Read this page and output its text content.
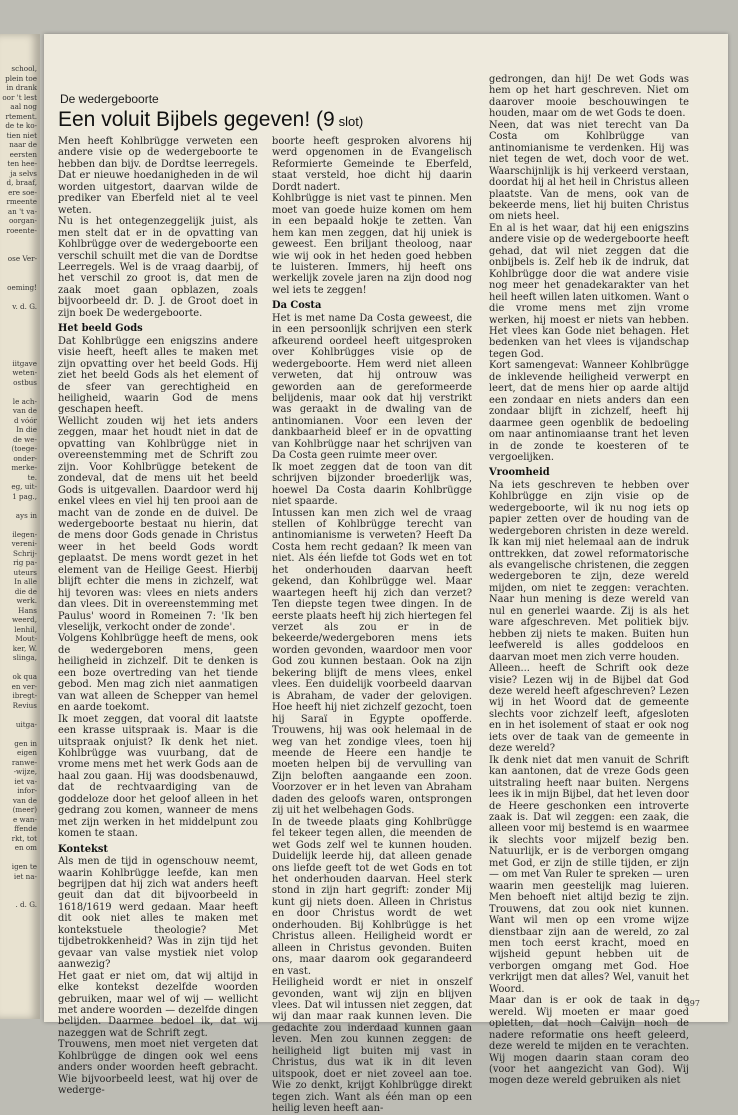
school,
plein toe
in drank
oor 't lest
aal nog
rtement.
de te ko-
tien niet
naar de
eersten
ten hee-
ja selvs
d, braaf,
ere soe-
rmeente
an 't va-
oorgan-
roeente-

ose Ver-

oeming!

v. d. G.

iitgave
weten-
ostbus

le ach-
van de
d vóór
In die
de we-
(toege-
onder-
merke-
te.
eg, uit-
1 pag.,

ays in

ilegen-
vereni-
Schrij-
rig pa-
uteurs
In alle
die de
werk.
Hans
weerd,
lenhil,
Mout-
ker, W.
slinga,

ok qua
en ver-
ibregt-
Revius

uitga-

gen in
eigen
ranwe-
-wijze,
iet va-
infor-
van de
(meer)
e wan-
ffende
rkt, tot
en om

igen te
iet na-

. d. G.
De wedergeboorte
Een voluit Bijbels gegeven! (9 slot)

Men heeft Kohlbrügge verweten een andere visie op de wedergeboorte te hebben dan bijv. de Dordtse leerregels. Dat er nieuwe hoedanigheden in de wil worden uitgestort, daarvan wilde de prediker van Eberfeld niet al te veel weten.

Nu is het ontegenzeggelijk juist, als men stelt dat er in de opvatting van Kohlbrügge over de wedergeboorte een verschil schuilt met die van de Dordtse Leerregels. Wel is de vraag daarbij, of het verschil zo groot is, dat men de zaak moet gaan opblazen, zoals bijvoorbeeld dr. D. J. de Groot doet in zijn boek De wedergeboorte.

Het beeld Gods

Dat Kohlbrügge een enigszins andere visie heeft, heeft alles te maken met zijn opvatting over het beeld Gods. Hij ziet het beeld Gods als het element of de sfeer van gerechtigheid en heiligheid, waarin God de mens geschapen heeft.

Wellicht zouden wij het iets anders zeggen, maar het houdt niet in dat de opvatting van Kohlbrügge niet in overeenstemming met de Schrift zou zijn. Voor Kohlbrügge betekent de zondeval, dat de mens uit het beeld Gods is uitgevallen. Daardoor werd hij enkel vlees en viel hij ten prooi aan de macht van de zonde en de duivel. De wedergeboorte bestaat nu hierin, dat de mens door Gods genade in Christus weer in het beeld Gods wordt geplaatst. De mens wordt gezet in het element van de Heilige Geest. Hierbij blijft echter die mens in zichzelf, wat hij tevoren was: vlees en niets anders dan vlees. Dit in overeenstemming met Paulus' woord in Romeinen 7: 'Ik ben vleselijk, verkocht onder de zonde'.

Volgens Kohlbrügge heeft de mens, ook de wedergeboren mens, geen heiligheid in zichzelf. Dit te denken is een boze overtreding van het tiende gebod. Men mag zich niet aanmatigen van wat alleen de Schepper van hemel en aarde toekomt.

Ik moet zeggen, dat vooral dit laatste een krasse uitspraak is. Maar is die uitspraak onjuist? Ik denk het niet. Kohlbrügge was vuurbang, dat de vrome mens met het werk Gods aan de haal zou gaan. Hij was doodsbenauwd, dat de rechtvaardiging van de goddeloze door het geloof alleen in het gedrang zou komen, wanneer de mens met zijn werken in het middelpunt zou komen te staan.

Kontekst

Als men de tijd in ogenschouw neemt, waarin Kohlbrügge leefde, kan men begrijpen dat hij zich wat anders heeft geuit dan dat dit bijvoorbeeld in 1618/1619 werd gedaan. Maar heeft dit ook niet alles te maken met kontekstuele theologie? Met tijdbetrokkenheid? Was in zijn tijd het gevaar van valse mystiek niet volop aanwezig?

Het gaat er niet om, dat wij altijd in elke kontekst dezelfde woorden gebruiken, maar wel of wij — wellicht met andere woorden — dezelfde dingen belijden. Daarmee bedoel ik, dat wij nazeggen wat de Schrift zegt.

Trouwens, men moet niet vergeten dat Kohlbrügge de dingen ook wel eens anders onder woorden heeft gebracht. Wie bijvoorbeeld leest, wat hij over de wederge-

boorte heeft gesproken alvorens hij werd opgenomen in de Evangelisch Reformierte Gemeinde te Eberfeld, staat versteld, hoe dicht hij daarin Dordt nadert.

Kohlbrügge is niet vast te pinnen. Men moet van goede huize komen om hem in een bepaald hokje te zetten. Van hem kan men zeggen, dat hij uniek is geweest. Een briljant theoloog, naar wie wij ook in het heden goed hebben te luisteren. Immers, hij heeft ons werkelijk zovele jaren na zijn dood nog wel iets te zeggen!

Da Costa

Het is met name Da Costa geweest, die in een persoonlijk schrijven een sterk afkeurend oordeel heeft uitgesproken over Kohlbrügges visie op de wedergeboorte. Hem werd niet alleen verweten, dat hij ontrouw was geworden aan de gereformeerde belijdenis, maar ook dat hij verstrikt was geraakt in de dwaling van de antinomianen. Voor een leven der dankbaarheid bleef er in de opvatting van Kohlbrügge naar het schrijven van Da Costa geen ruimte meer over.

Ik moet zeggen dat de toon van dit schrijven bijzonder broederlijk was, hoewel Da Costa daarin Kohlbrügge niet spaarde.

Intussen kan men zich wel de vraag stellen of Kohlbrügge terecht van antinomianisme is verweten? Heeft Da Costa hem recht gedaan? Ik meen van niet. Als één liefde tot Gods wet en tot het onderhouden daarvan heeft gekend, dan Kohlbrügge wel. Maar waartegen heeft hij zich dan verzet? Ten diepste tegen twee dingen. In de eerste plaats heeft hij zich hiertegen fel verzet als zou er in de bekeerde/wedergeboren mens iets worden gevonden, waardoor men voor God zou kunnen bestaan. Ook na zijn bekering blijft de mens vlees, enkel vlees. Een duidelijk voorbeeld daarvan is Abraham, de vader der gelovigen. Hoe heeft hij niet zichzelf gezocht, toen hij Saraï in Egypte opofferde. Trouwens, hij was ook helemaal in de weg van het zondige vlees, toen hij meende de Heere een handje te moeten helpen bij de vervulling van Zijn beloften aangaande een zoon. Voorzover er in het leven van Abraham daden des geloofs waren, ontsprongen zij uit het welbehagen Gods.

In de tweede plaats ging Kohlbrügge fel tekeer tegen allen, die meenden de wet Gods zelf wel te kunnen houden. Duidelijk leerde hij, dat alleen genade ons liefde geeft tot de wet Gods en tot het onderhouden daarvan. Heel sterk stond in zijn hart gegrift: zonder Mij kunt gij niets doen. Alleen in Christus en door Christus wordt de wet onderhouden. Bij Kohlbrügge is het Christus alleen. Heiligheid wordt er alleen in Christus gevonden. Buiten ons, maar daarom ook gegarandeerd en vast.

Heiligheid wordt er niet in onszelf gevonden, want wij zijn en blijven vlees. Dat wil intussen niet zeggen, dat wij dan maar raak kunnen leven. Die gedachte zou inderdaad kunnen gaan leven. Men zou kunnen zeggen: de heiligheid ligt buiten mij vast in Christus, dus wat ik in dit leven uitspook, doet er niet zoveel aan toe. Wie zo denkt, krijgt Kohlbrügge direkt tegen zich. Want als één man op een heilig leven heeft aan-

gedrongen, dan hij! De wet Gods was hem op het hart geschreven. Niet om daarover mooie beschouwingen te houden, maar om de wet Gods te doen.

Neen, dat was niet terecht van Da Costa om Kohlbrügge van antinomianisme te verdenken. Hij was niet tegen de wet, doch voor de wet. Waarschijnlijk is hij verkeerd verstaan, doordat hij al het heil in Christus alleen plaatste. Van de mens, ook van de bekeerde mens, liet hij buiten Christus om niets heel.

En al is het waar, dat hij een enigszins andere visie op de wedergeboorte heeft gehad, dat wil niet zeggen dat die onbijbels is. Zelf heb ik de indruk, dat Kohlbrügge door die wat andere visie nog meer het genadekarakter van het heil heeft willen laten uitkomen. Want o die vrome mens met zijn vrome werken, hij moest er niets van hebben. Het vlees kan Gode niet behagen. Het bedenken van het vlees is vijandschap tegen God.

Kort samengevat: Wanneer Kohlbrügge de inklevende heiligheid verwerpt en leert, dat de mens hier op aarde altijd een zondaar en niets anders dan een zondaar blijft in zichzelf, heeft hij daarmee geen ogenblik de bedoeling om naar antinomiaanse trant het leven in de zonde te koesteren of te vergoelijken.

Vroomheid

Na iets geschreven te hebben over Kohlbrügge en zijn visie op de wedergeboorte, wil ik nu nog iets op papier zetten over de houding van de wedergeboren christen in deze wereld. Ik kan mij niet helemaal aan de indruk onttrekken, dat zowel reformatorische als evangelische christenen, die zeggen wedergeboren te zijn, deze wereld mijden, om niet te zeggen: verachten. Naar hun mening is deze wereld van nul en generlei waarde. Zij is als het ware afgeschreven. Met politiek bijv. hebben zij niets te maken. Buiten hun leefwereld is alles goddeloos en daarvan moet men zich verre houden.

Alleen... heeft de Schrift ook deze visie? Lezen wij in de Bijbel dat God deze wereld heeft afgeschreven? Lezen wij in het Woord dat de gemeente slechts voor zichzelf leeft, afgesloten en in het isolement of staat er ook nog iets over de taak van de gemeente in deze wereld?

Ik denk niet dat men vanuit de Schrift kan aantonen, dat de vreze Gods geen uitstraling heeft naar buiten. Nergens lees ik in mijn Bijbel, dat het leven door de Heere geschonken een introverte zaak is. Dat wil zeggen: een zaak, die alleen voor mij bestemd is en waarmee ik slechts voor mijzelf bezig ben. Natuurlijk, er is de verborgen omgang met God, er zijn de stille tijden, er zijn — om met Van Ruler te spreken — uren waarin men geestelijk mag luieren. Men behoeft niet altijd bezig te zijn. Trouwens, dat zou ook niet kunnen. Want wil men op een vrome wijze dienstbaar zijn aan de wereld, zo zal men toch eerst kracht, moed en wijsheid gepunt hebben uit de verborgen omgang met God. Hoe verkrijgt men dat alles? Wel, vanuit het Woord.

Maar dan is er ook de taak in de wereld. Wij moeten er maar goed opletten, dat noch Calvijn noch de nadere reformatie ons heeft geleerd, deze wereld te mijden en te verachten. Wij mogen daarin staan coram deo (voor het aangezicht van God). Wij mogen deze wereld gebruiken als niet

397
